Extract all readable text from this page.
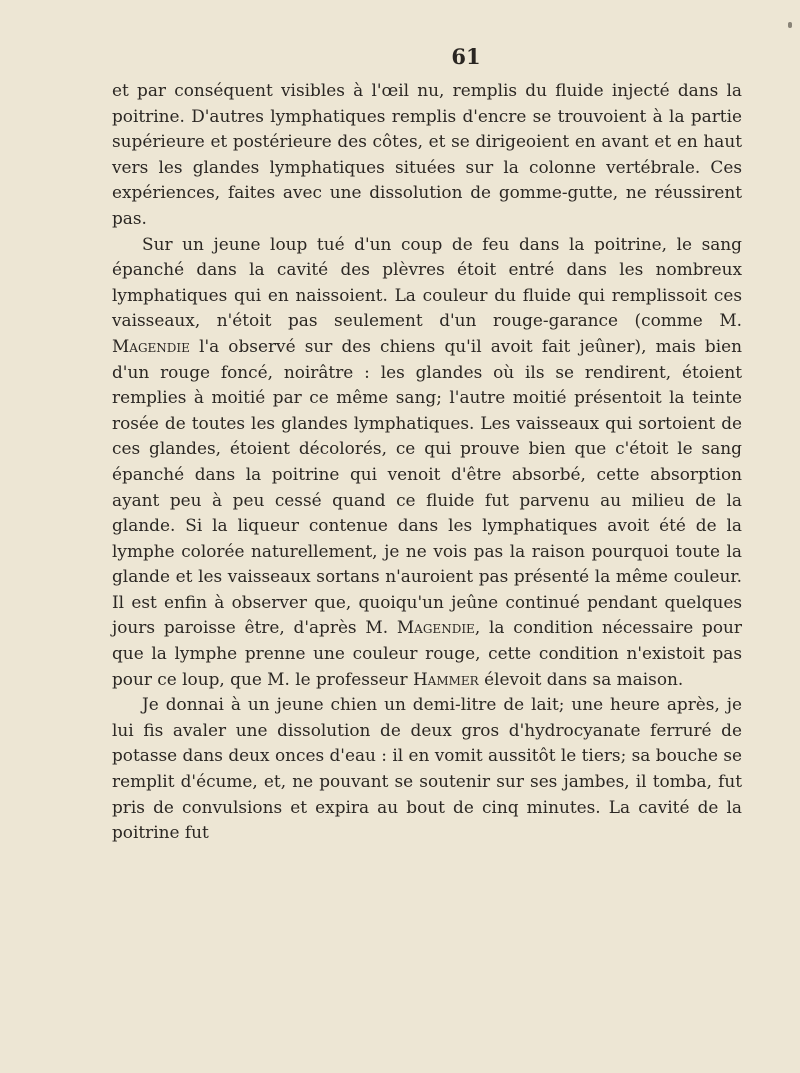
61

et par conséquent visibles à l'œil nu, remplis du fluide injecté dans la poitrine. D'autres lymphatiques remplis d'encre se trouvoient à la partie supérieure et postérieure des côtes, et se dirigeoient en avant et en haut vers les glandes lymphatiques situées sur la colonne vertébrale. Ces expériences, faites avec une dissolution de gomme-gutte, ne réussirent pas.

Sur un jeune loup tué d'un coup de feu dans la poitrine, le sang épanché dans la cavité des plèvres étoit entré dans les nombreux lymphatiques qui en naissoient. La couleur du fluide qui remplissoit ces vaisseaux, n'étoit pas seulement d'un rouge-garance (comme M. Magendie l'a observé sur des chiens qu'il avoit fait jeûner), mais bien d'un rouge foncé, noirâtre : les glandes où ils se rendirent, étoient remplies à moitié par ce même sang; l'autre moitié présentoit la teinte rosée de toutes les glandes lymphatiques. Les vaisseaux qui sortoient de ces glandes, étoient décolorés, ce qui prouve bien que c'étoit le sang épanché dans la poitrine qui venoit d'être absorbé, cette absorption ayant peu à peu cessé quand ce fluide fut parvenu au milieu de la glande. Si la liqueur contenue dans les lymphatiques avoit été de la lymphe colorée naturellement, je ne vois pas la raison pourquoi toute la glande et les vaisseaux sortans n'auroient pas présenté la même couleur. Il est enfin à observer que, quoiqu'un jeûne continué pendant quelques jours paroisse être, d'après M. Magendie, la condition nécessaire pour que la lymphe prenne une couleur rouge, cette condition n'existoit pas pour ce loup, que M. le professeur Hammer élevoit dans sa maison.

Je donnai à un jeune chien un demi-litre de lait; une heure après, je lui fis avaler une dissolution de deux gros d'hydrocyanate ferruré de potasse dans deux onces d'eau : il en vomit aussitôt le tiers; sa bouche se remplit d'écume, et, ne pouvant se soutenir sur ses jambes, il tomba, fut pris de convulsions et expira au bout de cinq minutes. La cavité de la poitrine fut
